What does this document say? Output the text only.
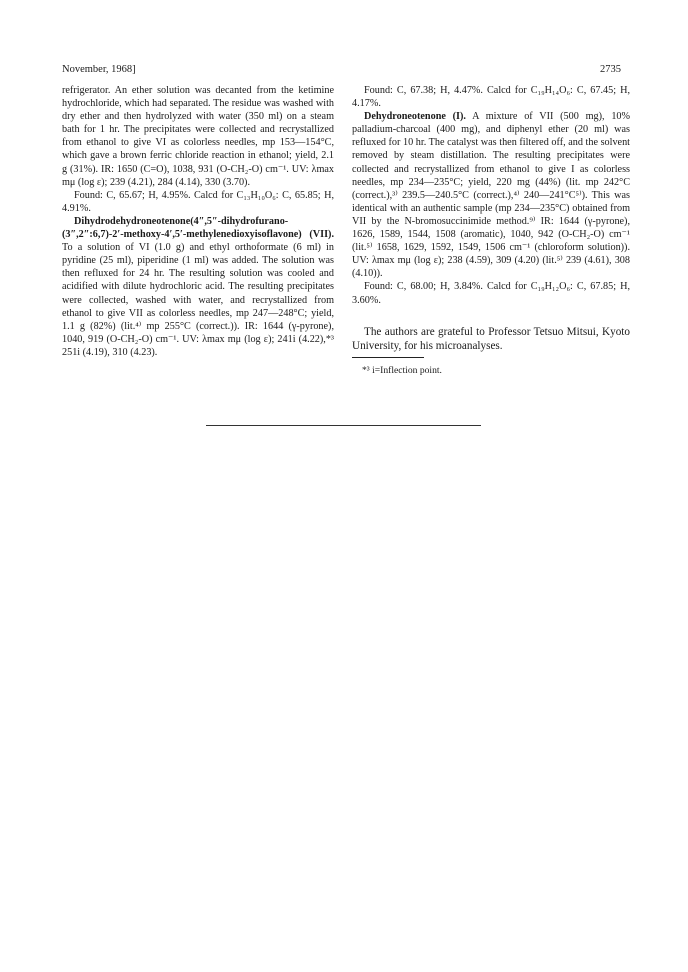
November, 1968]	2735

refrigerator. An ether solution was decanted from the ketimine hydrochloride, which had separated. The residue was washed with dry ether and then hydrolyzed with water (350 ml) on a steam bath for 1 hr. The precipitates were collected and recrystallized from ethanol to give VI as colorless needles, mp 153—154°C, which gave a brown ferric chloride reaction in ethanol; yield, 2.1 g (31%). IR: 1650 (C=O), 1038, 931 (O-CH₂-O) cm⁻¹. UV: λmax mμ (log ε); 239 (4.21), 284 (4.14), 330 (3.70).

Found: C, 65.67; H, 4.95%. Calcd for C₁₃H₁₀O₆: C, 65.85; H, 4.91%.

Dihydrodehydroneotenone(4″,5″-dihydrofurano-(3″,2″:6,7)-2′-methoxy-4′,5′-methylenedioxyisoflavone) (VII). To a solution of VI (1.0 g) and ethyl orthoformate (6 ml) in pyridine (25 ml), piperidine (1 ml) was added. The solution was then refluxed for 24 hr. The resulting solution was cooled and acidified with dilute hydrochloric acid. The resulting precipitates were collected, washed with water, and recrystallized from ethanol to give VII as colorless needles, mp 247—248°C; yield, 1.1 g (82%) (lit.⁴⁾ mp 255°C (correct.)). IR: 1644 (γ-pyrone), 1040, 919 (O-CH₂-O) cm⁻¹. UV: λmax mμ (log ε); 241i (4.22),*³ 251i (4.19), 310 (4.23).

Found: C, 67.38; H, 4.47%. Calcd for C₁₉H₁₄O₆: C, 67.45; H, 4.17%.

Dehydroneotenone (I). A mixture of VII (500 mg), 10% palladium-charcoal (400 mg), and diphenyl ether (20 ml) was refluxed for 10 hr. The catalyst was then filtered off, and the solvent removed by steam distillation. The resulting precipitates were collected and recrystallized from ethanol to give I as colorless needles, mp 234—235°C; yield, 220 mg (44%) (lit. mp 242°C (correct.),³⁾ 239.5—240.5°C (correct.),⁴⁾ 240—241°C⁵⁾). This was identical with an authentic sample (mp 234—235°C) obtained from VII by the N-bromosuccinimide method.⁹⁾ IR: 1644 (γ-pyrone), 1626, 1589, 1544, 1508 (aromatic), 1040, 942 (O-CH₂-O) cm⁻¹ (lit.⁵⁾ 1658, 1629, 1592, 1549, 1506 cm⁻¹ (chloroform solution)). UV: λmax mμ (log ε); 238 (4.59), 309 (4.20) (lit.⁵⁾ 239 (4.61), 308 (4.10)).

Found: C, 68.00; H, 3.84%. Calcd for C₁₉H₁₂O₆: C, 67.85; H, 3.60%.

The authors are grateful to Professor Tetsuo Mitsui, Kyoto University, for his microanalyses.

*³ i=Inflection point.
